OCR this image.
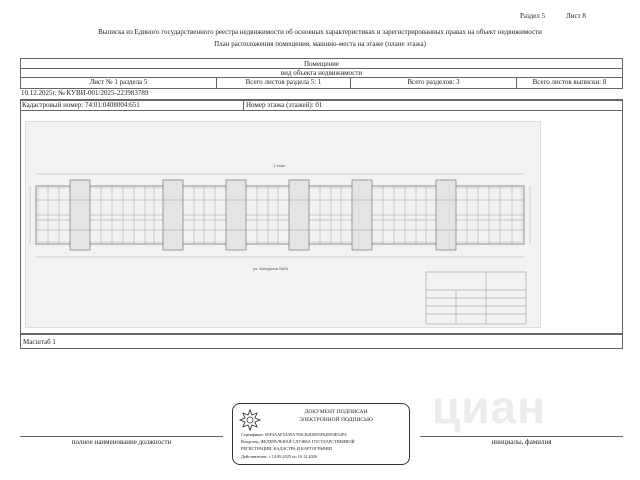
Раздел 5	Лист 8
Выписка из Единого государственного реестра недвижимости об основных характеристиках и зарегистрированных правах на объект недвижимости
План расположения помещения, машино-места на этаже (плане этажа)
Помещение
вид объекта недвижимости
Лист № 1 раздела 5	Всего листов раздела 5: 1	Всего разделов: 3	Всего листов выписки: 8
10.12.2025г. № КУВИ-001/2025-223983789
Кадастровый номер: 74:01:0408004:651	Номер этажа (этажей): 01
1 этаж
ул. Мичурина №26
Масштаб 1
циан
полное наименование должности	инициалы, фамилия
ДОКУМЕНТ ПОДПИСАН
ЭЛЕКТРОННОЙ ПОДПИСЬЮ
Сертификат: 00F4AAF5A59A7E0CB2D0D3F02DF4E52FA
Владелец: ФЕДЕРАЛЬНАЯ СЛУЖБА ГОСУДАРСТВЕННОЙ
РЕГИСТРАЦИИ, КАДАСТРА И КАРТОГРАФИИ
Действителен: с 14.09.2025 по 10.12.2026
